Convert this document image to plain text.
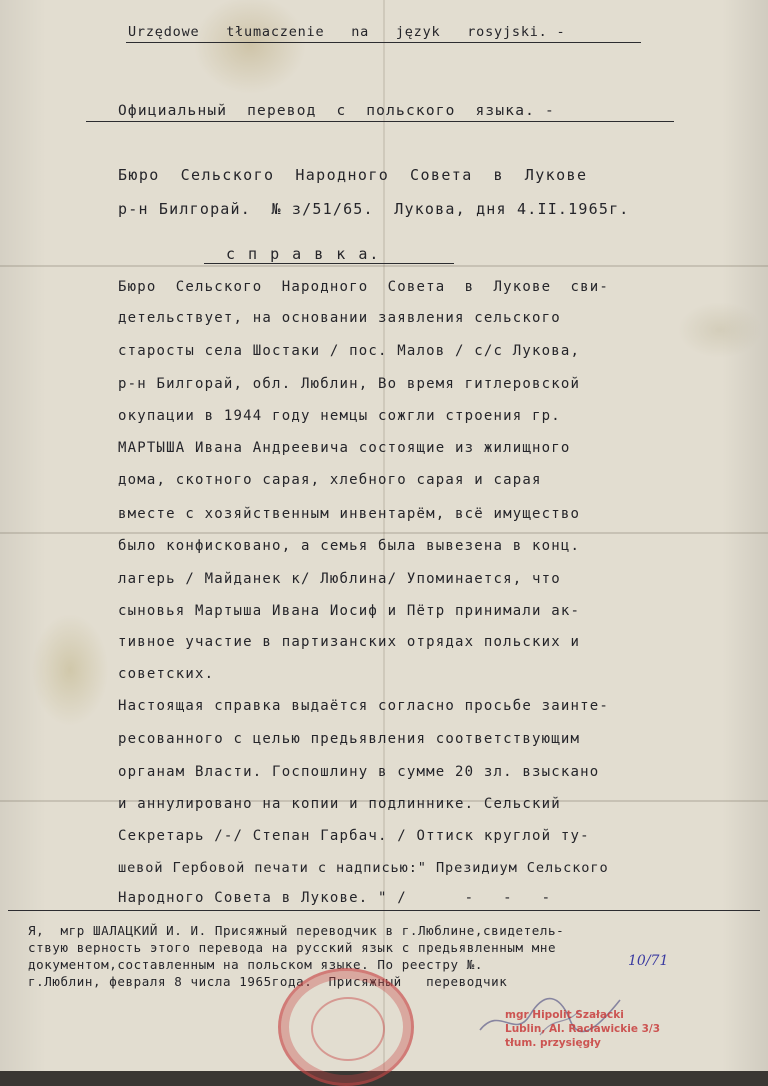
Urzędowe   tłumaczenie   na   język   rosyjski. -
Официальный  перевод  с  польского  языка. -
Бюро  Сельского  Народного  Совета  в  Лукове
р-н Билгорай.  № з/51/65.  Лукова, дня 4.II.1965г.
с п р а в к а.
Бюро  Сельского  Народного  Совета  в  Лукове  сви-
детельствует, на основании заявления сельского
старосты села Шостаки / пос. Малов / с/с Лукова,
р-н Билгорай, обл. Люблин, Во время гитлеровской
окупации в 1944 году немцы сожгли строения гр.
МАРТЫША Ивана Андреевича состоящие из жилищного
дома, скотного сарая, хлебного сарая и сарая
вместе с хозяйственным инвентарём, всё имущество
было конфисковано, а семья была вывезена в конц.
лагерь / Майданек к/ Люблина/ Упоминается, что
сыновья Мартыша Ивана Иосиф и Пётр принимали ак-
тивное участие в партизанских отрядах польских и
советских.
Настоящая справка выдаётся согласно просьбе заинте-
ресованного с целью предьявления соответствующим
органам Власти. Госпошлину в сумме 20 зл. взыскано
и аннулировано на копии и подлиннике. Сельский
Секретарь /-/ Степан Гарбач. / Оттиск круглой ту-
шевой Гербовой печати с надписью:" Президиум Сельского
Народного Совета в Лукове. " /      -   -   -
Я,  мгр ШАЛАЦКИЙ И. И. Присяжный переводчик в г.Люблине,свидетель-
ствую верность этого перевода на русский язык с предьявленным мне
документом,составленным на польском языке. По реестру №.
г.Люблин, февраля 8 числа 1965года.  Присяжный   переводчик
10/71
mgr Hipolit Szałacki
Lublin, Al. Racławickie 3/3
tłum. przysięgły
